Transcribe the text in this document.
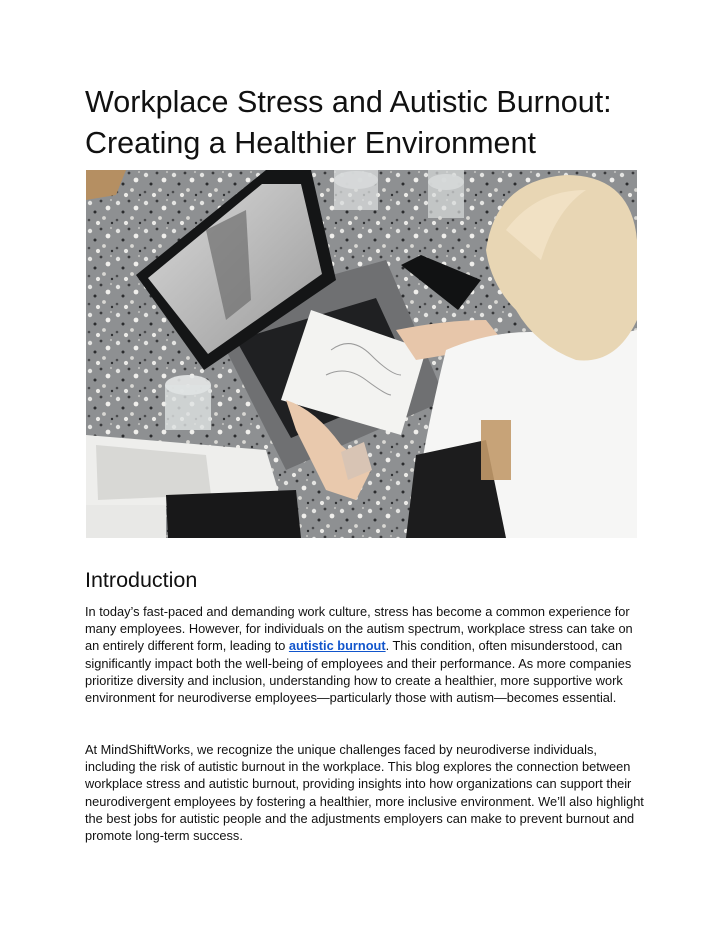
Workplace Stress and Autistic Burnout:
Creating a Healthier Environment
Introduction

In today’s fast-paced and demanding work culture, stress has become a common experience for many employees. However, for individuals on the autism spectrum, workplace stress can take on an entirely different form, leading to autistic burnout. This condition, often misunderstood, can significantly impact both the well-being of employees and their performance. As more companies prioritize diversity and inclusion, understanding how to create a healthier, more supportive work environment for neurodiverse employees—particularly those with autism—becomes essential.

At MindShiftWorks, we recognize the unique challenges faced by neurodiverse individuals, including the risk of autistic burnout in the workplace. This blog explores the connection between workplace stress and autistic burnout, providing insights into how organizations can support their neurodivergent employees by fostering a healthier, more inclusive environment. We’ll also highlight the best jobs for autistic people and the adjustments employers can make to prevent burnout and promote long-term success.
